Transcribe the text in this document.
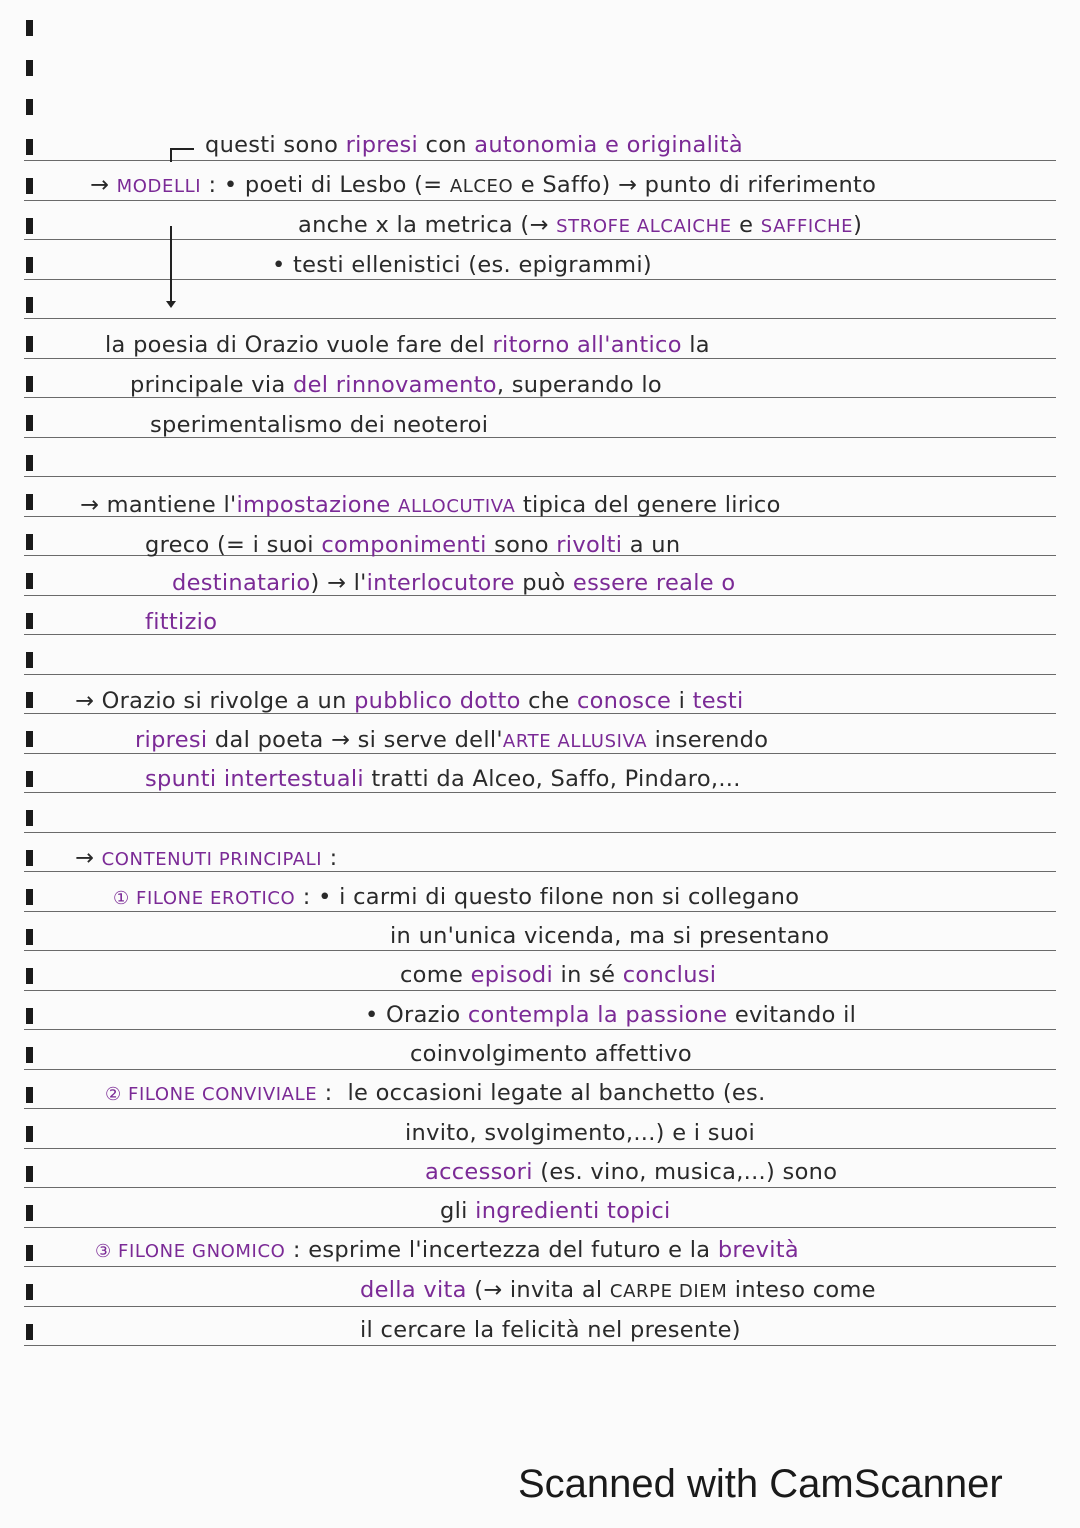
questi sono ripresi con autonomia e originalità
→ MODELLI : • poeti di Lesbo (= ALCEO e Saffo) → punto di riferimento
anche x la metrica (→ STROFE ALCAICHE e SAFFICHE)
• testi ellenistici (es. epigrammi)
la poesia di Orazio vuole fare del ritorno all'antico la
principale via del rinnovamento, superando lo
sperimentalismo dei neoteroi
→ mantiene l'impostazione ALLOCUTIVA tipica del genere lirico
greco (= i suoi componimenti sono rivolti a un
destinatario) → l'interlocutore può essere reale o
fittizio
→ Orazio si rivolge a un pubblico dotto che conosce i testi
ripresi dal poeta → si serve dell'ARTE ALLUSIVA inserendo
spunti intertestuali tratti da Alceo, Saffo, Pindaro,...
→ CONTENUTI PRINCIPALI :
① FILONE EROTICO : • i carmi di questo filone non si collegano
in un'unica vicenda, ma si presentano
come episodi in sé conclusi
• Orazio contempla la passione evitando il
coinvolgimento affettivo
② FILONE CONVIVIALE :  le occasioni legate al banchetto (es.
invito, svolgimento,...) e i suoi
accessori (es. vino, musica,...) sono
gli ingredienti topici
③ FILONE GNOMICO : esprime l'incertezza del futuro e la brevità
della vita (→ invita al CARPE DIEM inteso come
il cercare la felicità nel presente)
Scanned with CamScanner
